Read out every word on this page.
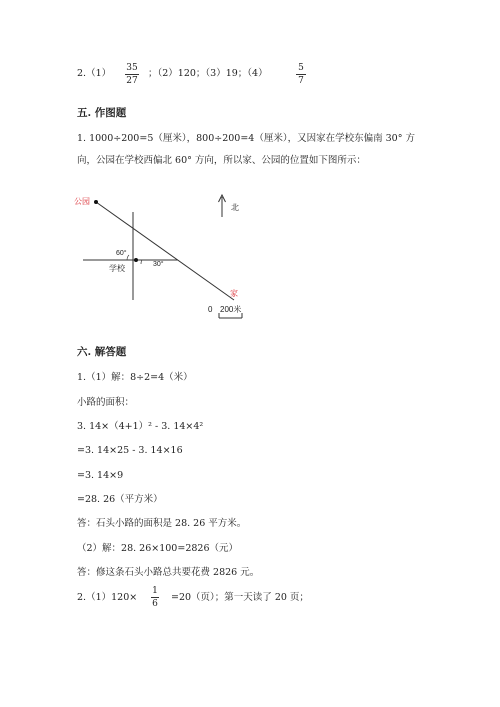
2.（1） 35
27
；（2）120；（3）19；（4）	5
7
五. 作图题
1. 1000÷200=5（厘米），800÷200=4（厘米），又因家在学校东偏南 30° 方
向，公园在学校西偏北 60° 方向，所以家、公园的位置如下图所示：
公园
学校
60°
30°
家
北
0 200米
六. 解答题
1.（1）解：8÷2=4（米）
小路的面积：
3. 14×（4+1）² - 3. 14×4²
=3. 14×25 - 3. 14×16
=3. 14×9
=28. 26（平方米）
答：石头小路的面积是 28. 26 平方米。
（2）解：28. 26×100=2826（元）
答：修这条石头小路总共要花费 2826 元。
2.（1）120×
1
6
=20（页）；第一天读了 20 页；
